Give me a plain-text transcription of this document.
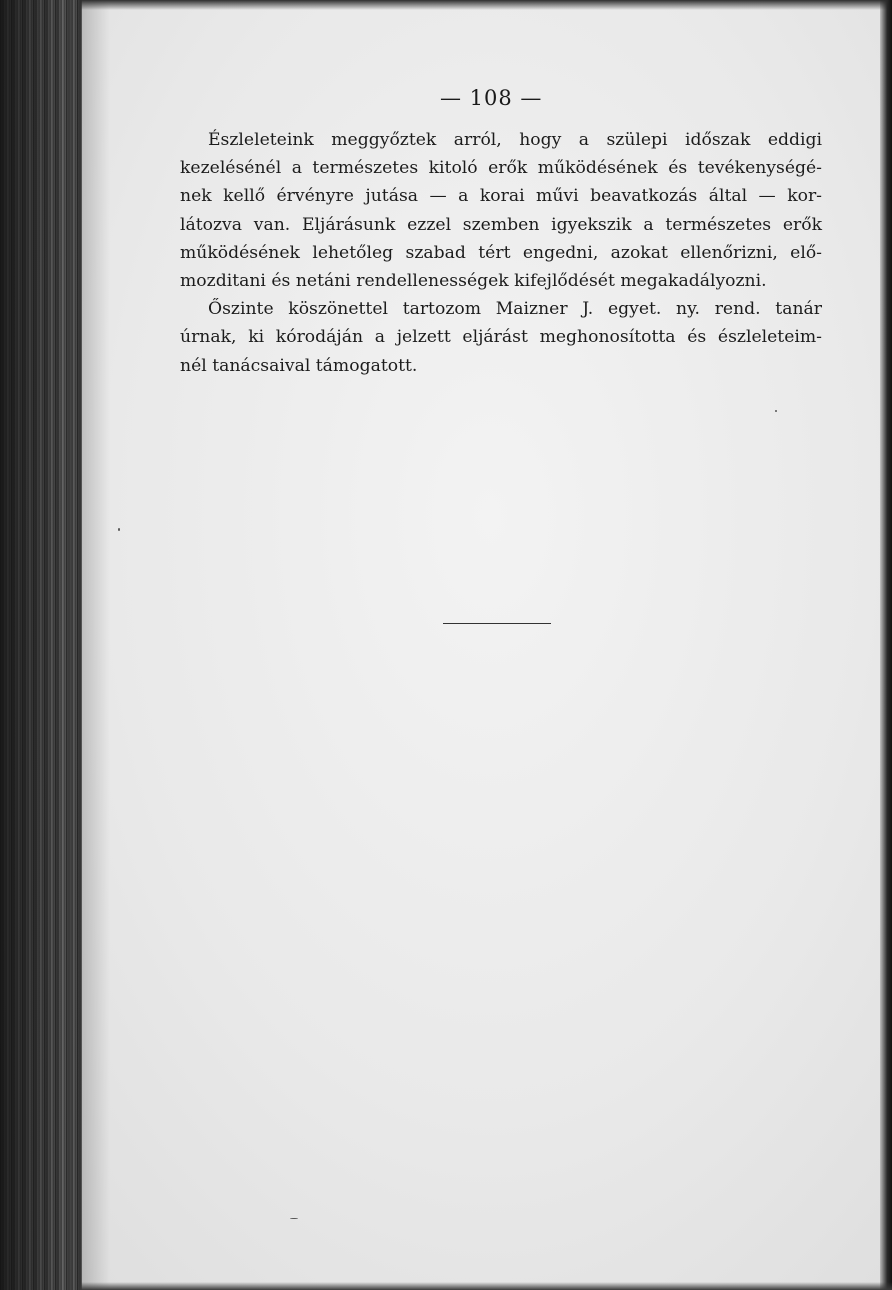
— 108 —
Észleleteink meggyőztek arról, hogy a szülepi időszak eddigi
kezelésénél a természetes kitoló erők működésének és tevékenységé-
nek kellő érvényre jutása — a korai művi beavatkozás által — kor-
látozva van. Eljárásunk ezzel szemben igyekszik a természetes erők
működésének lehetőleg szabad tért engedni, azokat ellenőrizni, elő-
mozditani és netáni rendellenességek kifejlődését megakadályozni.
Őszinte köszönettel tartozom Maizner J. egyet. ny. rend. tanár
úrnak, ki kórodáján a jelzett eljárást meghonosította és észleleteim-
nél tanácsaival támogatott.
